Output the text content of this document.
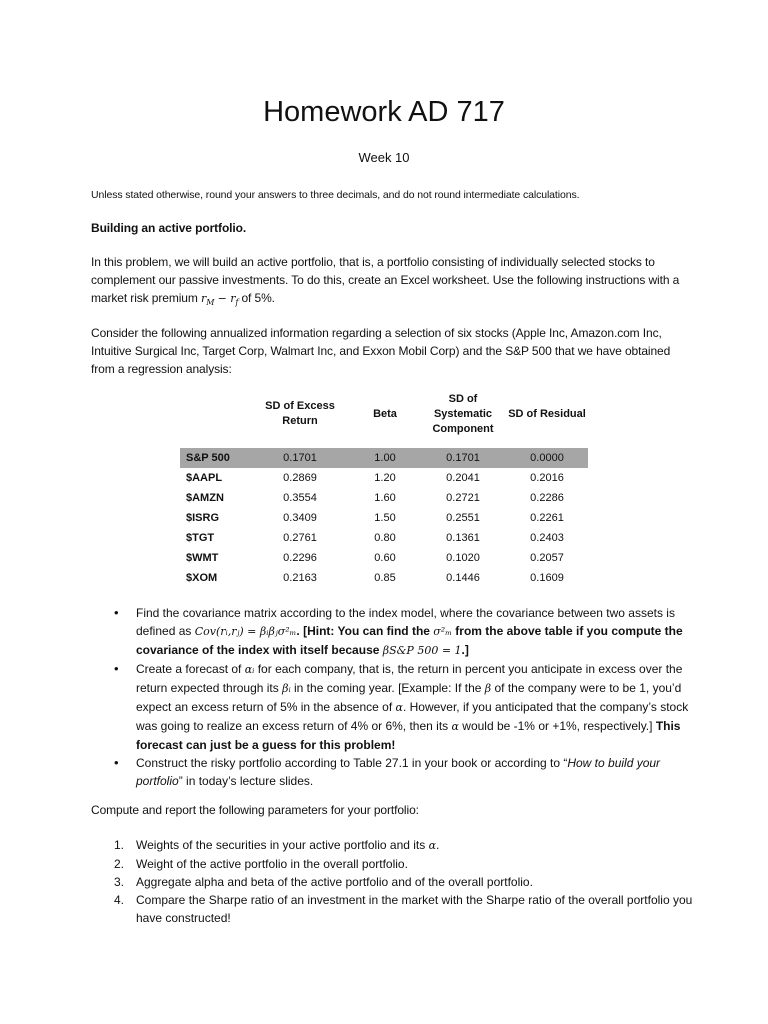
Homework AD 717
Week 10
Unless stated otherwise, round your answers to three decimals, and do not round intermediate calculations.
Building an active portfolio.
In this problem, we will build an active portfolio, that is, a portfolio consisting of individually selected stocks to complement our passive investments. To do this, create an Excel worksheet. Use the following instructions with a market risk premium $r_M - r_f$ of 5%.
Consider the following annualized information regarding a selection of six stocks (Apple Inc, Amazon.com Inc, Intuitive Surgical Inc, Target Corp, Walmart Inc, and Exxon Mobil Corp) and the S&P 500 that we have obtained from a regression analysis:
	SD of Excess Return	Beta	SD of Systematic Component	SD of Residual

S&P 500	0.1701	1.00	0.1701	0.0000
$AAPL	0.2869	1.20	0.2041	0.2016
$AMZN	0.3554	1.60	0.2721	0.2286
$ISRG	0.3409	1.50	0.2551	0.2261
$TGT	0.2761	0.80	0.1361	0.2403
$WMT	0.2296	0.60	0.1020	0.2057
$XOM	0.2163	0.85	0.1446	0.1609
• Find the covariance matrix according to the index model, where the covariance between two assets is defined as Cov(rᵢ,rⱼ) = βᵢβⱼσ²ₘ. [Hint: You can find the σ²ₘ from the above table if you compute the covariance of the index with itself because βS&P 500 = 1.]
• Create a forecast of αᵢ for each company, that is, the return in percent you anticipate in excess over the return expected through its βᵢ in the coming year. [Example: If the β of the company were to be 1, you’d expect an excess return of 5% in the absence of α. However, if you anticipated that the company’s stock was going to realize an excess return of 4% or 6%, then its α would be -1% or +1%, respectively.] This forecast can just be a guess for this problem!
• Construct the risky portfolio according to Table 27.1 in your book or according to “How to build your portfolio” in today’s lecture slides.
Compute and report the following parameters for your portfolio:
1. Weights of the securities in your active portfolio and its α.
2. Weight of the active portfolio in the overall portfolio.
3. Aggregate alpha and beta of the active portfolio and of the overall portfolio.
4. Compare the Sharpe ratio of an investment in the market with the Sharpe ratio of the overall portfolio you have constructed!
